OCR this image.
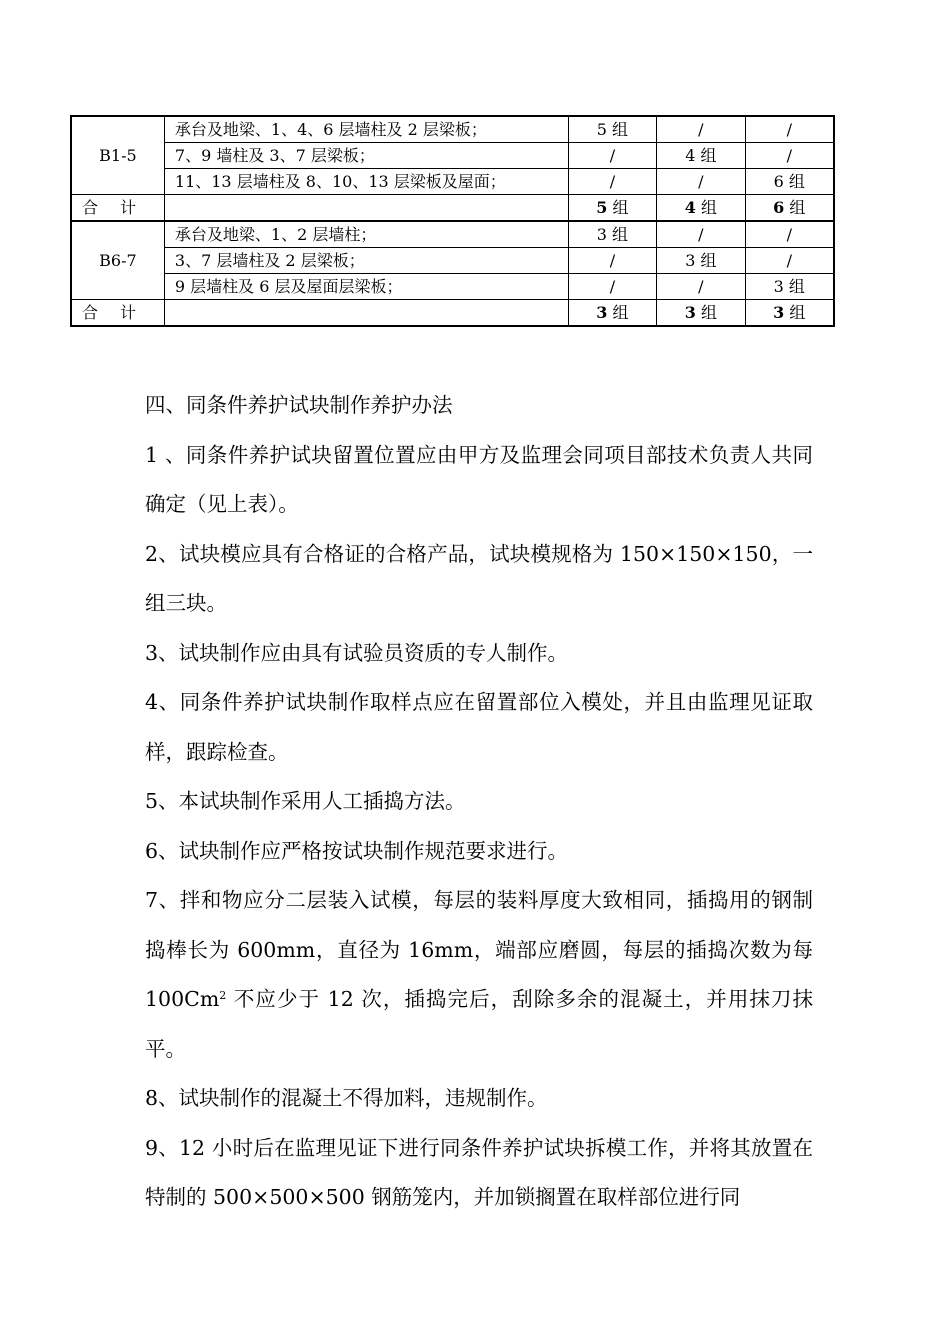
B1-5	承台及地梁、1、4、6 层墙柱及 2 层梁板；	5 组	/	/
	7、9 墙柱及 3、7 层梁板；	/	4 组	/
	11、13 层墙柱及 8、10、13 层梁板及屋面；	/	/	6 组
合计		5 组	4 组	6 组
B6-7	承台及地梁、1、2 层墙柱；	3 组	/	/
	3、7 层墙柱及 2 层梁板；	/	3 组	/
	9 层墙柱及 6 层及屋面层梁板；	/	/	3 组
合计		3 组	3 组	3 组

四、同条件养护试块制作养护办法

1 、同条件养护试块留置位置应由甲方及监理会同项目部技术负责人共同确定（见上表）。

2、试块模应具有合格证的合格产品，试块模规格为 150×150×150，一组三块。

3、试块制作应由具有试验员资质的专人制作。

4、同条件养护试块制作取样点应在留置部位入模处，并且由监理见证取样，跟踪检查。

5、本试块制作采用人工插捣方法。

6、试块制作应严格按试块制作规范要求进行。

7、拌和物应分二层装入试模，每层的装料厚度大致相同，插捣用的钢制捣棒长为 600mm，直径为 16mm，端部应磨圆，每层的插捣次数为每 100Cm$^2$ 不应少于 12 次，插捣完后，刮除多余的混凝土，并用抹刀抹平。

8、试块制作的混凝土不得加料，违规制作。

9、12 小时后在监理见证下进行同条件养护试块拆模工作，并将其放置在特制的 500×500×500 钢筋笼内，并加锁搁置在取样部位进行同
